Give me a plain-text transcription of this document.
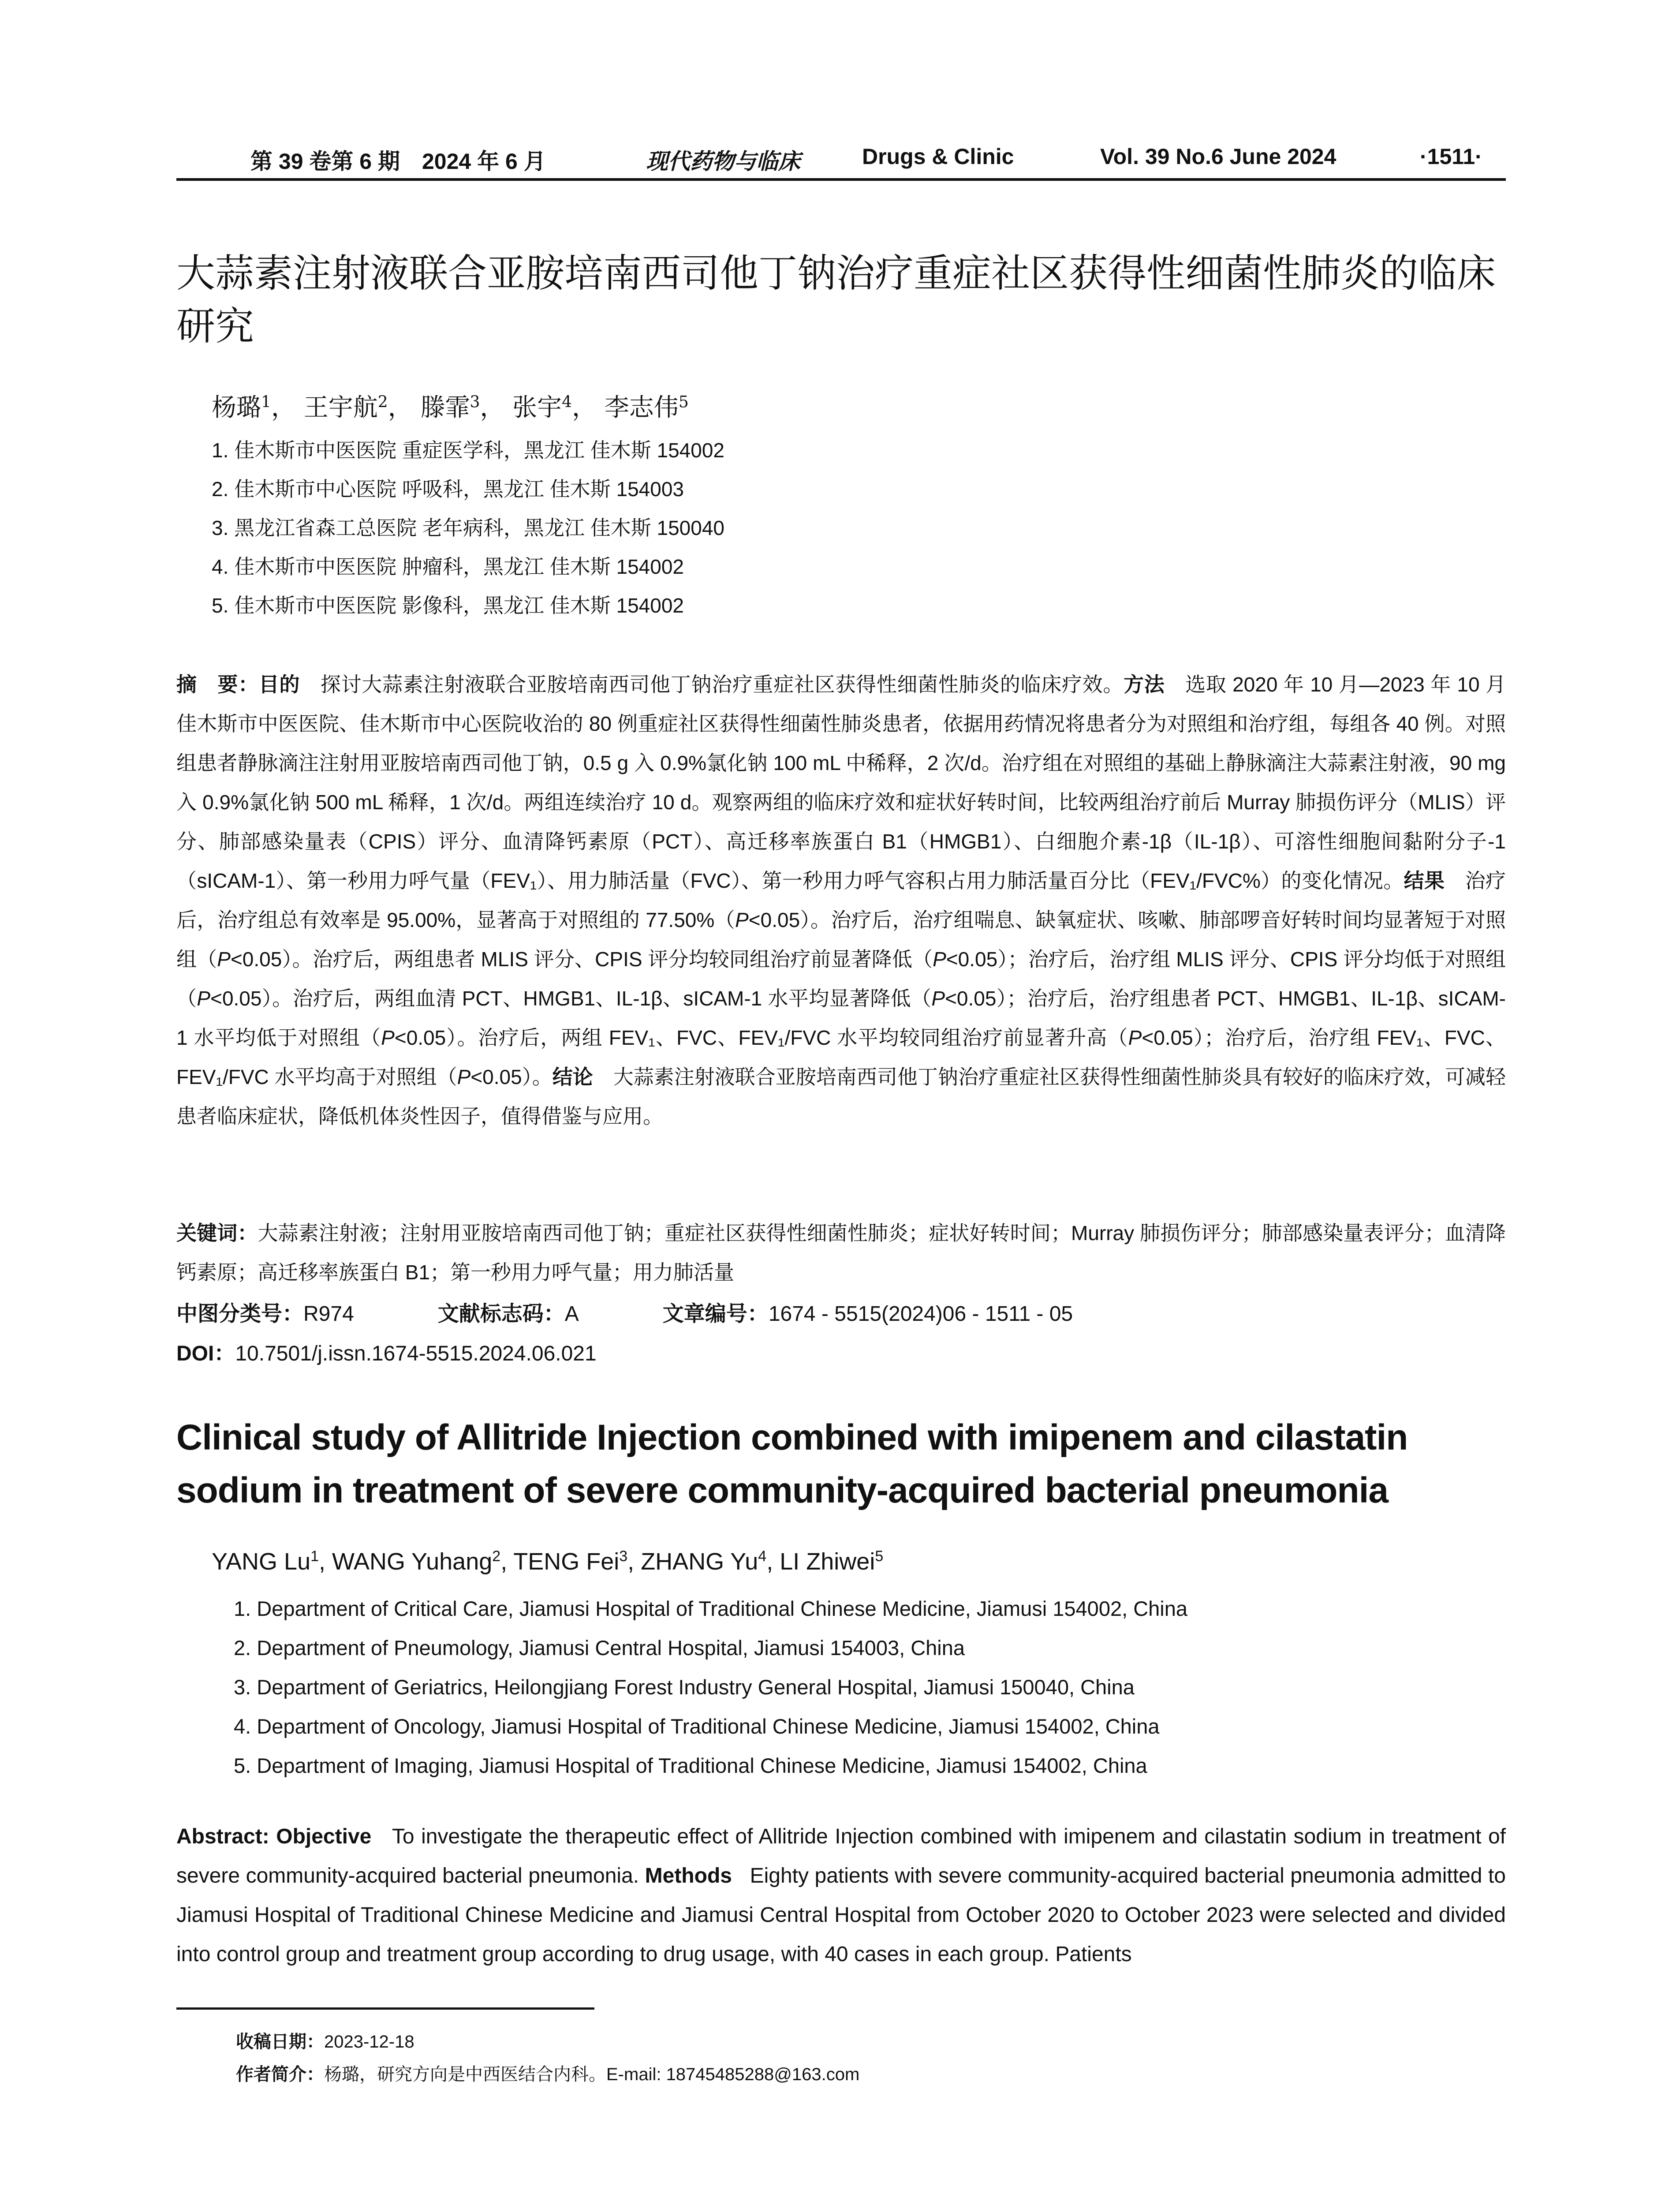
第 39 卷第 6 期　2024 年 6 月	现代药物与临床	Drugs & Clinic	Vol. 39 No.6 June 2024	·1511·
大蒜素注射液联合亚胺培南西司他丁钠治疗重症社区获得性细菌性肺炎的临床研究
杨璐$^1$， 王宇航$^2$， 滕霏$^3$， 张宇$^4$， 李志伟$^5$
1. 佳木斯市中医医院 重症医学科，黑龙江 佳木斯 154002
2. 佳木斯市中心医院 呼吸科，黑龙江 佳木斯 154003
3. 黑龙江省森工总医院 老年病科，黑龙江 佳木斯 150040
4. 佳木斯市中医医院 肿瘤科，黑龙江 佳木斯 154002
5. 佳木斯市中医医院 影像科，黑龙江 佳木斯 154002
摘　要：目的　 探讨大蒜素注射液联合亚胺培南西司他丁钠治疗重症社区获得性细菌性肺炎的临床疗效。方法　 选取 2020 年 10 月—2023 年 10 月佳木斯市中医医院、佳木斯市中心医院收治的 80 例重症社区获得性细菌性肺炎患者，依据用药情况将患者分为对照组和治疗组，每组各 40 例。对照组患者静脉滴注注射用亚胺培南西司他丁钠，0.5 g 入 0.9%氯化钠 100 mL 中稀释，2 次/d。治疗组在对照组的基础上静脉滴注大蒜素注射液，90 mg 入 0.9%氯化钠 500 mL 稀释，1 次/d。两组连续治疗 10 d。观察两组的临床疗效和症状好转时间，比较两组治疗前后 Murray 肺损伤评分（MLIS）评分、肺部感染量表（CPIS）评分、血清降钙素原（PCT）、高迁移率族蛋白 B1（HMGB1）、白细胞介素-1β（IL-1β）、可溶性细胞间黏附分子-1（sICAM-1）、第一秒用力呼气量（FEV₁）、用力肺活量（FVC）、第一秒用力呼气容积占用力肺活量百分比（FEV₁/FVC%）的变化情况。结果　 治疗后，治疗组总有效率是 95.00%，显著高于对照组的 77.50%（P<0.05）。治疗后，治疗组喘息、缺氧症状、咳嗽、肺部啰音好转时间均显著短于对照组（P<0.05）。治疗后，两组患者 MLIS 评分、CPIS 评分均较同组治疗前显著降低（P<0.05）；治疗后，治疗组 MLIS 评分、CPIS 评分均低于对照组（P<0.05）。治疗后，两组血清 PCT、HMGB1、IL-1β、sICAM-1 水平均显著降低（P<0.05）；治疗后，治疗组患者 PCT、HMGB1、IL-1β、sICAM-1 水平均低于对照组（P<0.05）。治疗后，两组 FEV₁、FVC、FEV₁/FVC 水平均较同组治疗前显著升高（P<0.05）；治疗后，治疗组 FEV₁、FVC、FEV₁/FVC 水平均高于对照组（P<0.05）。结论　 大蒜素注射液联合亚胺培南西司他丁钠治疗重症社区获得性细菌性肺炎具有较好的临床疗效，可减轻患者临床症状，降低机体炎性因子，值得借鉴与应用。
关键词：大蒜素注射液；注射用亚胺培南西司他丁钠；重症社区获得性细菌性肺炎；症状好转时间；Murray 肺损伤评分；肺部感染量表评分；血清降钙素原；高迁移率族蛋白 B1；第一秒用力呼气量；用力肺活量
中图分类号：R974	文献标志码：A	文章编号：1674 - 5515(2024)06 - 1511 - 05
DOI：10.7501/j.issn.1674-5515.2024.06.021
Clinical study of Allitride Injection combined with imipenem and cilastatin sodium in treatment of severe community-acquired bacterial pneumonia
YANG Lu$^1$, WANG Yuhang$^2$, TENG Fei$^3$, ZHANG Yu$^4$, LI Zhiwei$^5$
1. Department of Critical Care, Jiamusi Hospital of Traditional Chinese Medicine, Jiamusi 154002, China
2. Department of Pneumology, Jiamusi Central Hospital, Jiamusi 154003, China
3. Department of Geriatrics, Heilongjiang Forest Industry General Hospital, Jiamusi 150040, China
4. Department of Oncology, Jiamusi Hospital of Traditional Chinese Medicine, Jiamusi 154002, China
5. Department of Imaging, Jiamusi Hospital of Traditional Chinese Medicine, Jiamusi 154002, China
Abstract: Objective To investigate the therapeutic effect of Allitride Injection combined with imipenem and cilastatin sodium in treatment of severe community-acquired bacterial pneumonia. Methods Eighty patients with severe community-acquired bacterial pneumonia admitted to Jiamusi Hospital of Traditional Chinese Medicine and Jiamusi Central Hospital from October 2020 to October 2023 were selected and divided into control group and treatment group according to drug usage, with 40 cases in each group. Patients
收稿日期：2023-12-18
作者简介：杨璐，研究方向是中西医结合内科。E-mail: 18745485288@163.com
